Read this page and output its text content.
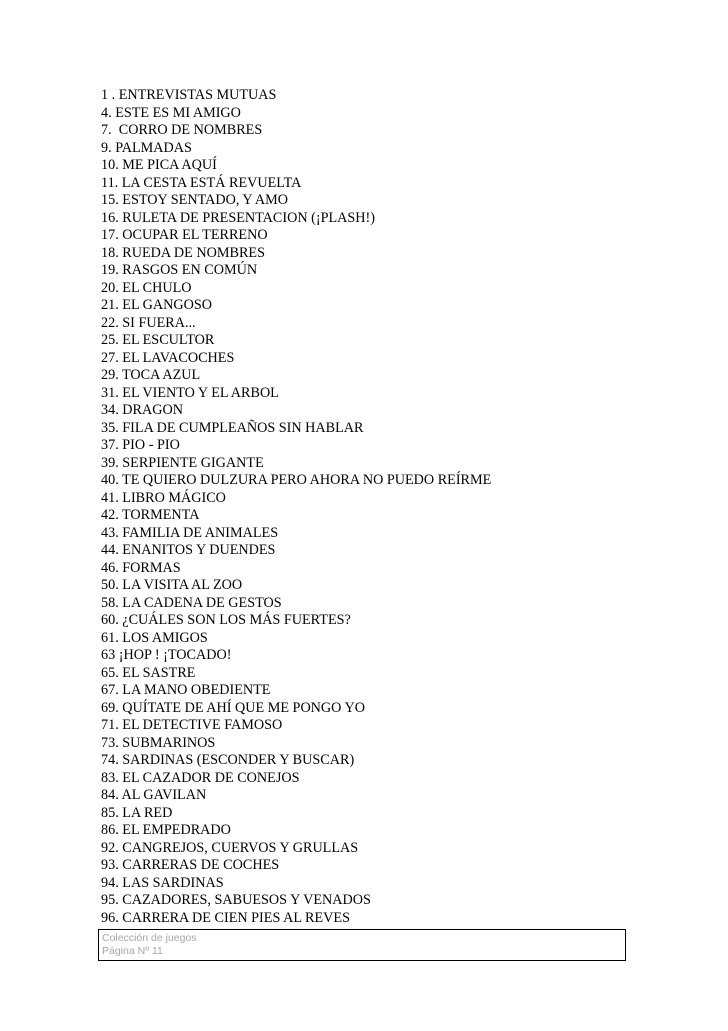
1 . ENTREVISTAS MUTUAS
4. ESTE ES MI AMIGO
7.  CORRO DE NOMBRES
9. PALMADAS
10. ME PICA AQUÍ
11. LA CESTA ESTÁ REVUELTA
15. ESTOY SENTADO, Y AMO
16. RULETA DE PRESENTACION (¡PLASH!)
17. OCUPAR EL TERRENO
18. RUEDA DE NOMBRES
19. RASGOS EN COMÚN
20. EL CHULO
21. EL GANGOSO
22. SI FUERA...
25. EL ESCULTOR
27. EL LAVACOCHES
29. TOCA AZUL
31. EL VIENTO Y EL ARBOL
34. DRAGON
35. FILA DE CUMPLEAÑOS SIN HABLAR
37. PIO - PIO
39. SERPIENTE GIGANTE
40. TE QUIERO DULZURA PERO AHORA NO PUEDO REÍRME
41. LIBRO MÁGICO
42. TORMENTA
43. FAMILIA DE ANIMALES
44. ENANITOS Y DUENDES
46. FORMAS
50. LA VISITA AL ZOO
58. LA CADENA DE GESTOS
60. ¿CUÁLES SON LOS MÁS FUERTES?
61. LOS AMIGOS
63 ¡HOP ! ¡TOCADO!
65. EL SASTRE
67. LA MANO OBEDIENTE
69. QUÍTATE DE AHÍ QUE ME PONGO YO
71. EL DETECTIVE FAMOSO
73. SUBMARINOS
74. SARDINAS (ESCONDER Y BUSCAR)
83. EL CAZADOR DE CONEJOS
84. AL GAVILAN
85. LA RED
86. EL EMPEDRADO
92. CANGREJOS, CUERVOS Y GRULLAS
93. CARRERAS DE COCHES
94. LAS SARDINAS
95. CAZADORES, SABUESOS Y VENADOS
96. CARRERA DE CIEN PIES AL REVES
Colección de juegos
Página Nº 11
